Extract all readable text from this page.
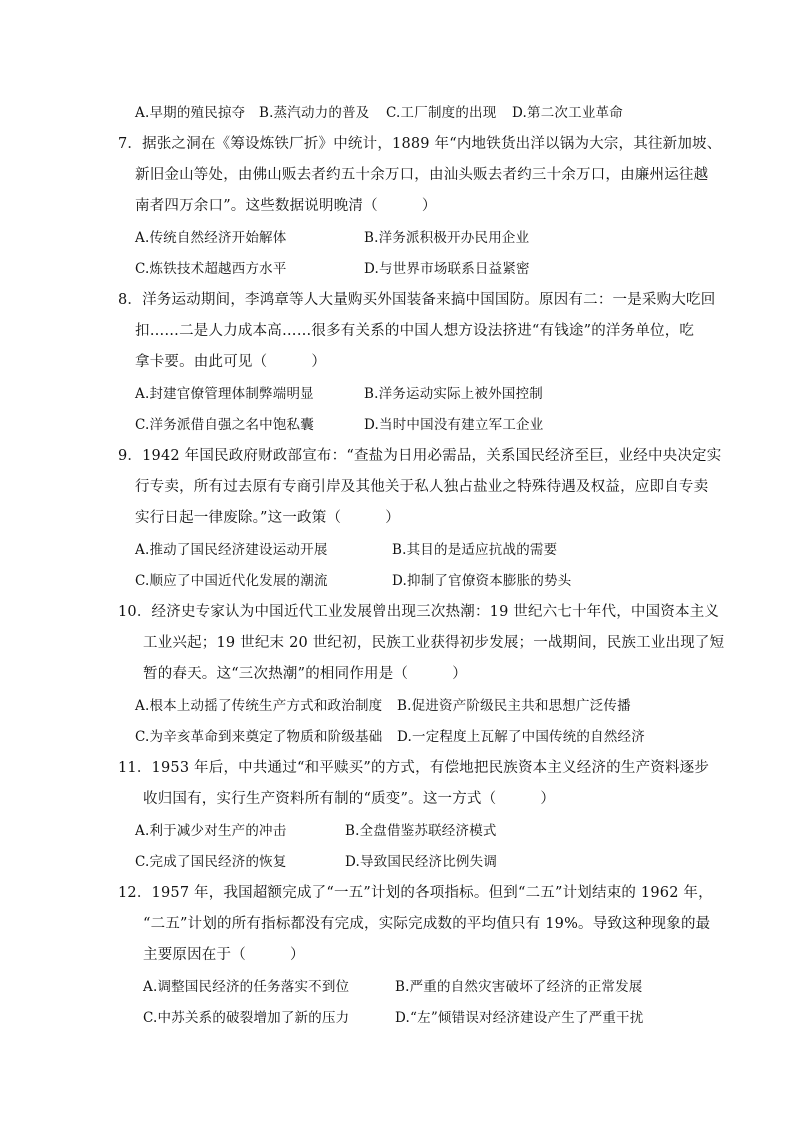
A.早期的殖民掠夺 B.蒸汽动力的普及 C.工厂制度的出现 D.第二次工业革命
7．据张之洞在《筹设炼铁厂折》中统计，1889 年“内地铁货出洋以锅为大宗，其往新加坡、
新旧金山等处，由佛山贩去者约五十余万口，由汕头贩去者约三十余万口，由廉州运往越
南者四万余口”。这些数据说明晚清（　　　）
A.传统自然经济开始解体	B.洋务派积极开办民用企业
C.炼铁技术超越西方水平	D.与世界市场联系日益紧密
8．洋务运动期间，李鸿章等人大量购买外国装备来搞中国国防。原因有二：一是采购大吃回
扣……二是人力成本高……很多有关系的中国人想方设法挤进“有钱途”的洋务单位，吃
拿卡要。由此可见（　　　）
A.封建官僚管理体制弊端明显	B.洋务运动实际上被外国控制
C.洋务派借自强之名中饱私囊	D.当时中国没有建立军工企业
9．1942 年国民政府财政部宣布：“查盐为日用必需品，关系国民经济至巨，业经中央决定实
行专卖，所有过去原有专商引岸及其他关于私人独占盐业之特殊待遇及权益，应即自专卖
实行日起一律废除。”这一政策（　　　）
A.推动了国民经济建设运动开展	B.其目的是适应抗战的需要
C.顺应了中国近代化发展的潮流	D.抑制了官僚资本膨胀的势头
10．经济史专家认为中国近代工业发展曾出现三次热潮：19 世纪六七十年代，中国资本主义
工业兴起；19 世纪末 20 世纪初，民族工业获得初步发展；一战期间，民族工业出现了短
暂的春天。这“三次热潮”的相同作用是（　　　）
A.根本上动摇了传统生产方式和政治制度 B.促进资产阶级民主共和思想广泛传播
C.为辛亥革命到来奠定了物质和阶级基础 D.一定程度上瓦解了中国传统的自然经济
11．1953 年后，中共通过“和平赎买”的方式，有偿地把民族资本主义经济的生产资料逐步
收归国有，实行生产资料所有制的“质变”。这一方式（　　　）
A.利于减少对生产的冲击	B.全盘借鉴苏联经济模式
C.完成了国民经济的恢复	D.导致国民经济比例失调
12．1957 年，我国超额完成了“一五”计划的各项指标。但到“二五”计划结束的 1962 年，
“二五”计划的所有指标都没有完成，实际完成数的平均值只有 19%。导致这种现象的最
主要原因在于（　　　）
A.调整国民经济的任务落实不到位	B.严重的自然灾害破坏了经济的正常发展
C.中苏关系的破裂增加了新的压力	D.“左”倾错误对经济建设产生了严重干扰
